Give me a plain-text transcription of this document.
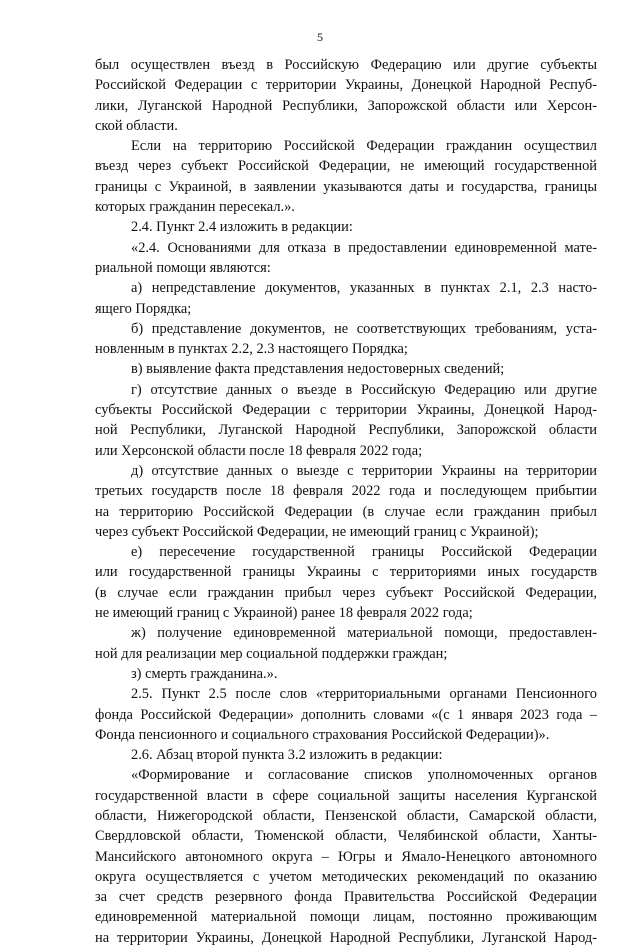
5
был осуществлен въезд в Российскую Федерацию или другие субъекты
Российской Федерации с территории Украины, Донецкой Народной Респуб-
лики, Луганской Народной Республики, Запорожской области или Херсон-
ской области.
Если на территорию Российской Федерации гражданин осуществил
въезд через субъект Российской Федерации, не имеющий государственной
границы с Украиной, в заявлении указываются даты и государства, границы
которых гражданин пересекал.».
2.4. Пункт 2.4 изложить в редакции:
«2.4. Основаниями для отказа в предоставлении единовременной мате-
риальной помощи являются:
а) непредставление документов, указанных в пунктах 2.1, 2.3 насто-
ящего Порядка;
б) представление документов, не соответствующих требованиям, уста-
новленным в пунктах 2.2, 2.3 настоящего Порядка;
в) выявление факта представления недостоверных сведений;
г) отсутствие данных о въезде в Российскую Федерацию или другие
субъекты Российской Федерации с территории Украины, Донецкой Народ-
ной Республики, Луганской Народной Республики, Запорожской области
или Херсонской области после 18 февраля 2022 года;
д) отсутствие данных о выезде с территории Украины на территории
третьих государств после 18 февраля 2022 года и последующем прибытии
на территорию Российской Федерации (в случае если гражданин прибыл
через субъект Российской Федерации, не имеющий границ с Украиной);
е) пересечение государственной границы Российской Федерации
или государственной границы Украины с территориями иных государств
(в случае если гражданин прибыл через субъект Российской Федерации,
не имеющий границ с Украиной) ранее 18 февраля 2022 года;
ж) получение единовременной материальной помощи, предоставлен-
ной для реализации мер социальной поддержки граждан;
з) смерть гражданина.».
2.5. Пункт 2.5 после слов «территориальными органами Пенсионного
фонда Российской Федерации» дополнить словами «(с 1 января 2023 года –
Фонда пенсионного и социального страхования Российской Федерации)».
2.6. Абзац второй пункта 3.2 изложить в редакции:
«Формирование и согласование списков уполномоченных органов
государственной власти в сфере социальной защиты населения Курганской
области, Нижегородской области, Пензенской области, Самарской области,
Свердловской области, Тюменской области, Челябинской области, Ханты-
Мансийского автономного округа – Югры и Ямало-Ненецкого автономного
округа осуществляется с учетом методических рекомендаций по оказанию
за счет средств резервного фонда Правительства Российской Федерации
единовременной материальной помощи лицам, постоянно проживающим
на территории Украины, Донецкой Народной Республики, Луганской Народ-
